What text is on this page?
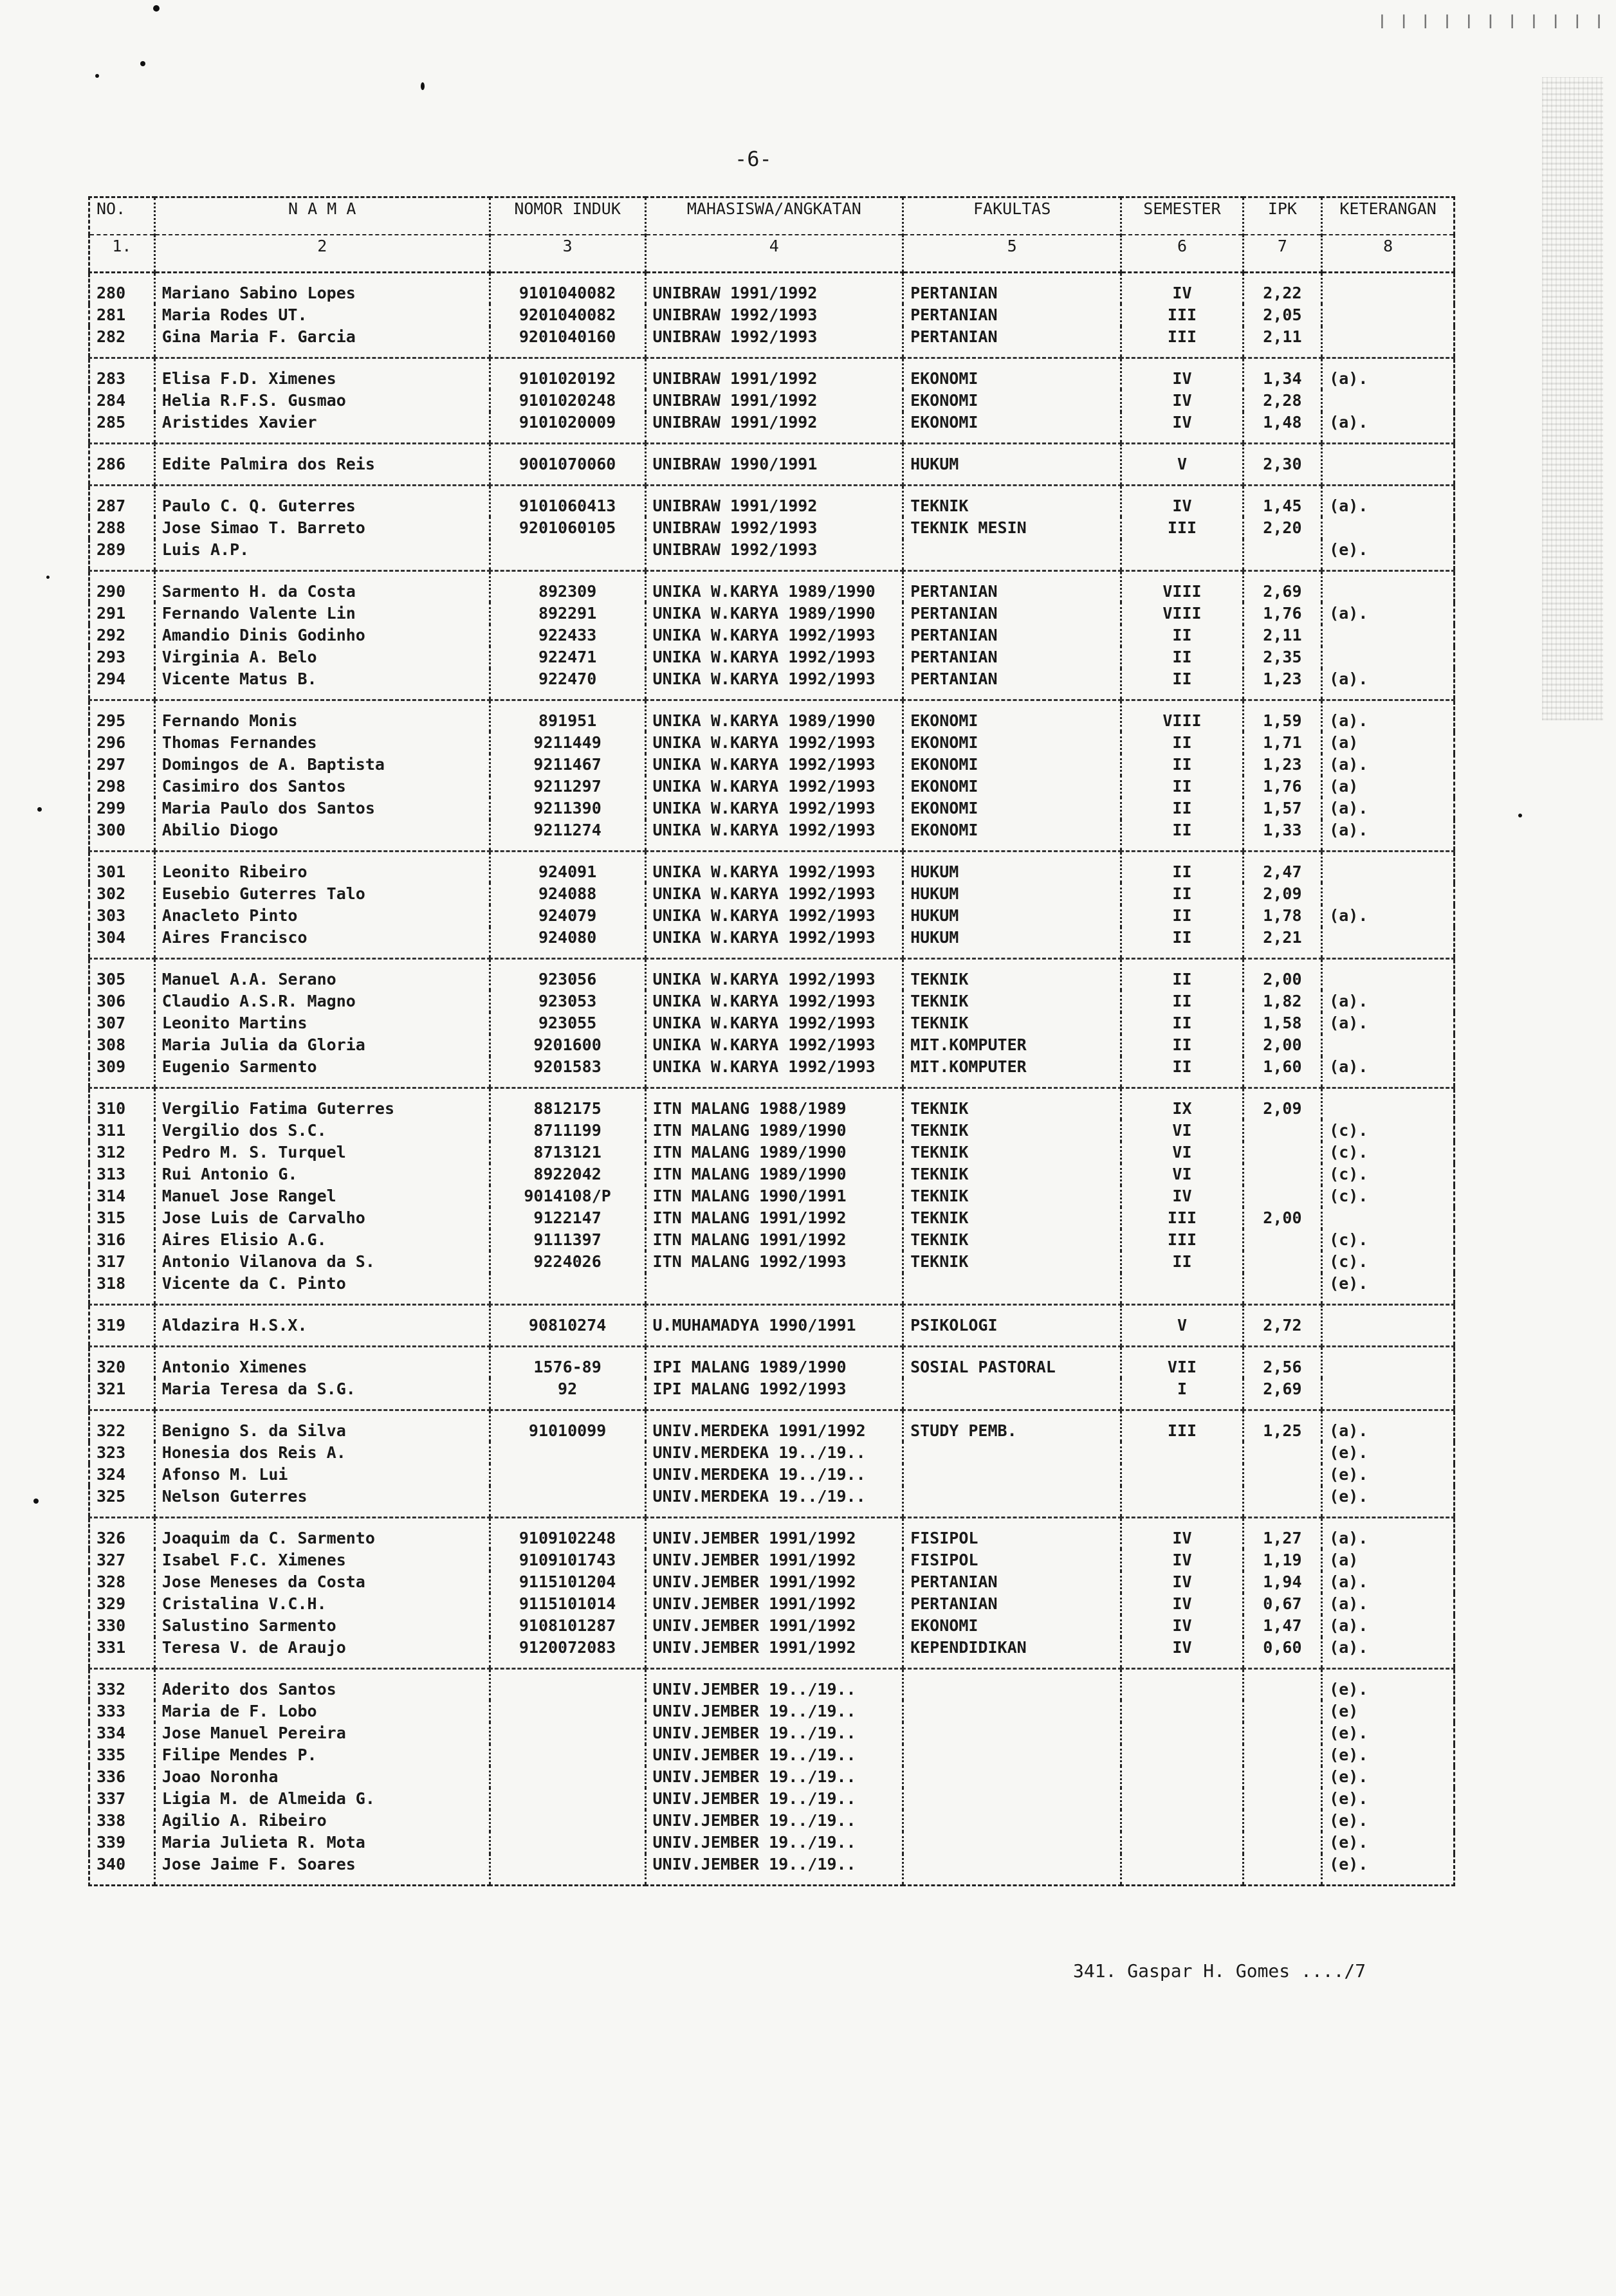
ا ا ا ا ا ا ا ا ا ا ا
-6-
NO.	N A M A	NOMOR INDUK	MAHASISWA/ANGKATAN	FAKULTAS	SEMESTER	IPK	KETERANGAN
1.	2	3	4	5	6	7	8
280	Mariano Sabino Lopes	9101040082	UNIBRAW 1991/1992	PERTANIAN	IV	2,22	
281	Maria Rodes UT.	9201040082	UNIBRAW 1992/1993	PERTANIAN	III	2,05	
282	Gina Maria F. Garcia	9201040160	UNIBRAW 1992/1993	PERTANIAN	III	2,11	
283	Elisa F.D. Ximenes	9101020192	UNIBRAW 1991/1992	EKONOMI	IV	1,34	(a).
284	Helia R.F.S. Gusmao	9101020248	UNIBRAW 1991/1992	EKONOMI	IV	2,28	
285	Aristides Xavier	9101020009	UNIBRAW 1991/1992	EKONOMI	IV	1,48	(a).
286	Edite Palmira dos Reis	9001070060	UNIBRAW 1990/1991	HUKUM	V	2,30	
287	Paulo C. Q. Guterres	9101060413	UNIBRAW 1991/1992	TEKNIK	IV	1,45	(a).
288	Jose Simao T. Barreto	9201060105	UNIBRAW 1992/1993	TEKNIK MESIN	III	2,20	
289	Luis A.P.		UNIBRAW 1992/1993				(e).
290	Sarmento H. da Costa	892309	UNIKA W.KARYA 1989/1990	PERTANIAN	VIII	2,69	
291	Fernando Valente Lin	892291	UNIKA W.KARYA 1989/1990	PERTANIAN	VIII	1,76	(a).
292	Amandio Dinis Godinho	922433	UNIKA W.KARYA 1992/1993	PERTANIAN	II	2,11	
293	Virginia A. Belo	922471	UNIKA W.KARYA 1992/1993	PERTANIAN	II	2,35	
294	Vicente Matus B.	922470	UNIKA W.KARYA 1992/1993	PERTANIAN	II	1,23	(a).
295	Fernando Monis	891951	UNIKA W.KARYA 1989/1990	EKONOMI	VIII	1,59	(a).
296	Thomas Fernandes	9211449	UNIKA W.KARYA 1992/1993	EKONOMI	II	1,71	(a)
297	Domingos de A. Baptista	9211467	UNIKA W.KARYA 1992/1993	EKONOMI	II	1,23	(a).
298	Casimiro dos Santos	9211297	UNIKA W.KARYA 1992/1993	EKONOMI	II	1,76	(a)
299	Maria Paulo dos Santos	9211390	UNIKA W.KARYA 1992/1993	EKONOMI	II	1,57	(a).
300	Abilio Diogo	9211274	UNIKA W.KARYA 1992/1993	EKONOMI	II	1,33	(a).
301	Leonito Ribeiro	924091	UNIKA W.KARYA 1992/1993	HUKUM	II	2,47	
302	Eusebio Guterres Talo	924088	UNIKA W.KARYA 1992/1993	HUKUM	II	2,09	
303	Anacleto Pinto	924079	UNIKA W.KARYA 1992/1993	HUKUM	II	1,78	(a).
304	Aires Francisco	924080	UNIKA W.KARYA 1992/1993	HUKUM	II	2,21	
305	Manuel A.A. Serano	923056	UNIKA W.KARYA 1992/1993	TEKNIK	II	2,00	
306	Claudio A.S.R. Magno	923053	UNIKA W.KARYA 1992/1993	TEKNIK	II	1,82	(a).
307	Leonito Martins	923055	UNIKA W.KARYA 1992/1993	TEKNIK	II	1,58	(a).
308	Maria Julia da Gloria	9201600	UNIKA W.KARYA 1992/1993	MIT.KOMPUTER	II	2,00	
309	Eugenio Sarmento	9201583	UNIKA W.KARYA 1992/1993	MIT.KOMPUTER	II	1,60	(a).
310	Vergilio Fatima Guterres	8812175	ITN MALANG 1988/1989	TEKNIK	IX	2,09	
311	Vergilio dos S.C.	8711199	ITN MALANG 1989/1990	TEKNIK	VI		(c).
312	Pedro M. S. Turquel	8713121	ITN MALANG 1989/1990	TEKNIK	VI		(c).
313	Rui Antonio G.	8922042	ITN MALANG 1989/1990	TEKNIK	VI		(c).
314	Manuel Jose Rangel	9014108/P	ITN MALANG 1990/1991	TEKNIK	IV		(c).
315	Jose Luis de Carvalho	9122147	ITN MALANG 1991/1992	TEKNIK	III	2,00	
316	Aires Elisio A.G.	9111397	ITN MALANG 1991/1992	TEKNIK	III		(c).
317	Antonio Vilanova da S.	9224026	ITN MALANG 1992/1993	TEKNIK	II		(c).
318	Vicente da C. Pinto						(e).
319	Aldazira H.S.X.	90810274	U.MUHAMADYA 1990/1991	PSIKOLOGI	V	2,72	
320	Antonio Ximenes	1576-89	IPI MALANG 1989/1990	SOSIAL PASTORAL	VII	2,56	
321	Maria Teresa da S.G.	92	IPI MALANG 1992/1993		I	2,69	
322	Benigno S. da Silva	91010099	UNIV.MERDEKA 1991/1992	STUDY PEMB.	III	1,25	(a).
323	Honesia dos Reis A.		UNIV.MERDEKA 19../19..				(e).
324	Afonso M. Lui		UNIV.MERDEKA 19../19..				(e).
325	Nelson Guterres		UNIV.MERDEKA 19../19..				(e).
326	Joaquim da C. Sarmento	9109102248	UNIV.JEMBER 1991/1992	FISIPOL	IV	1,27	(a).
327	Isabel F.C. Ximenes	9109101743	UNIV.JEMBER 1991/1992	FISIPOL	IV	1,19	(a)
328	Jose Meneses da Costa	9115101204	UNIV.JEMBER 1991/1992	PERTANIAN	IV	1,94	(a).
329	Cristalina V.C.H.	9115101014	UNIV.JEMBER 1991/1992	PERTANIAN	IV	0,67	(a).
330	Salustino Sarmento	9108101287	UNIV.JEMBER 1991/1992	EKONOMI	IV	1,47	(a).
331	Teresa V. de Araujo	9120072083	UNIV.JEMBER 1991/1992	KEPENDIDIKAN	IV	0,60	(a).
332	Aderito dos Santos		UNIV.JEMBER 19../19..				(e).
333	Maria de F. Lobo		UNIV.JEMBER 19../19..				(e)
334	Jose Manuel Pereira		UNIV.JEMBER 19../19..				(e).
335	Filipe Mendes P.		UNIV.JEMBER 19../19..				(e).
336	Joao Noronha		UNIV.JEMBER 19../19..				(e).
337	Ligia M. de Almeida G.		UNIV.JEMBER 19../19..				(e).
338	Agilio A. Ribeiro		UNIV.JEMBER 19../19..				(e).
339	Maria Julieta R. Mota		UNIV.JEMBER 19../19..				(e).
340	Jose Jaime F. Soares		UNIV.JEMBER 19../19..				(e).
341. Gaspar H. Gomes ..../7
